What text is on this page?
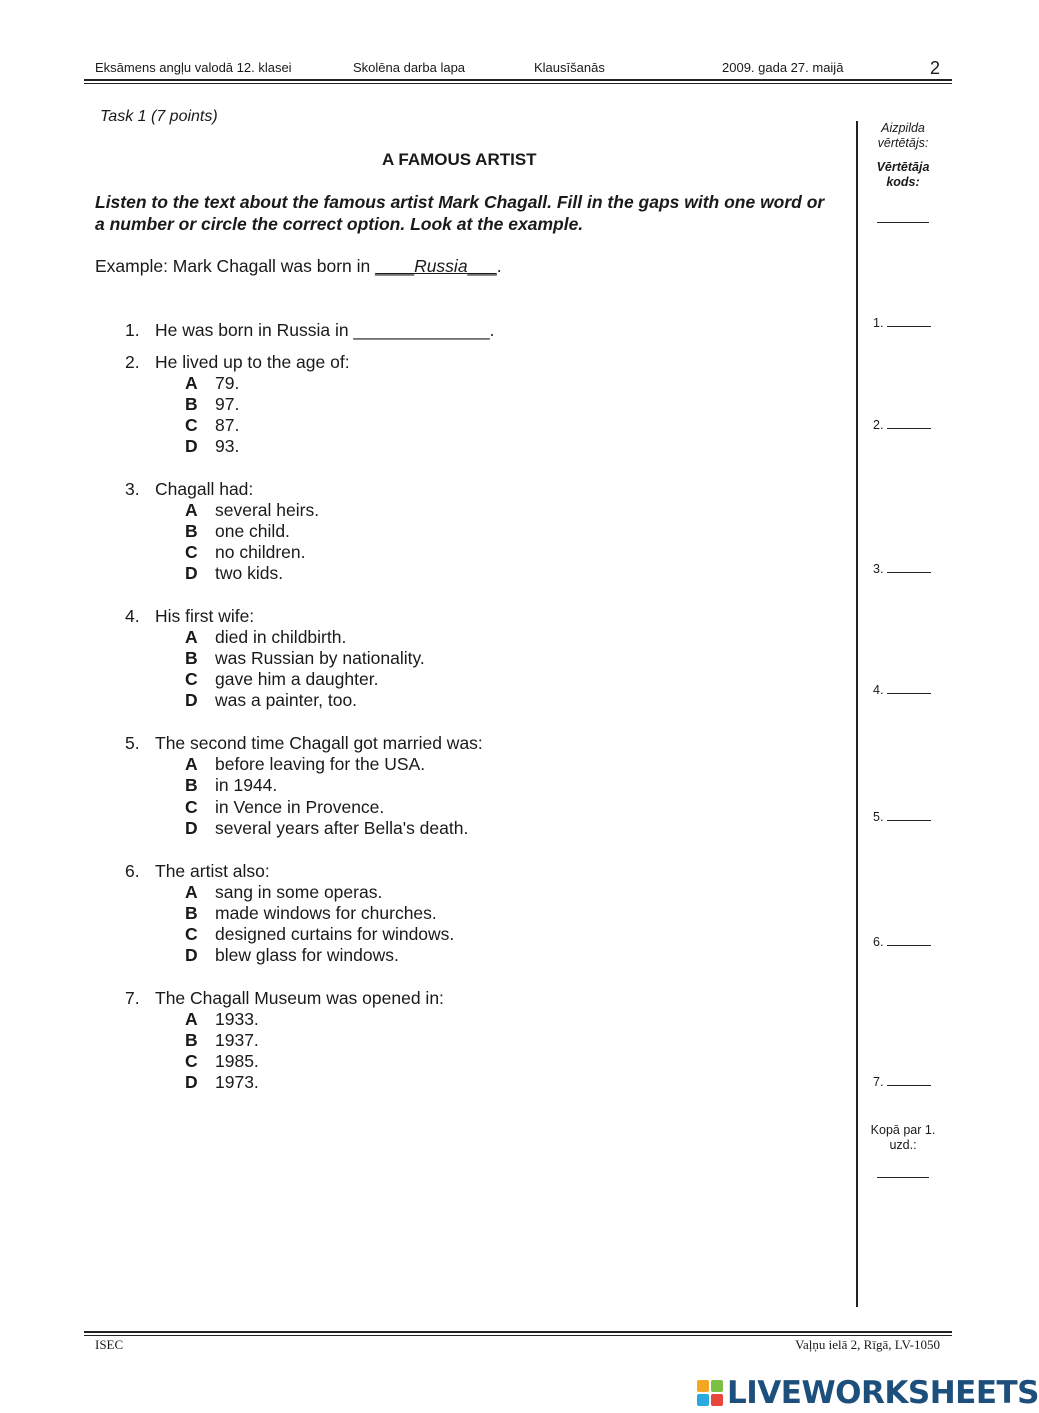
Eksāmens angļu valodā 12. klasei	Skolēna darba lapa	Klausīšanās	2009. gada 27. maijā	2
Task 1 (7 points)
A FAMOUS ARTIST
Listen to the text about the famous artist Mark Chagall. Fill in the gaps with one word or a number or circle the correct option. Look at the example.
Example: Mark Chagall was born in ____Russia___.
1. He was born in Russia in ______________.
2. He lived up to the age of:
A 79.
B 97.
C 87.
D 93.
3. Chagall had:
A several heirs.
B one child.
C no children.
D two kids.
4. His first wife:
A died in childbirth.
B was Russian by nationality.
C gave him a daughter.
D was a painter, too.
5. The second time Chagall got married was:
A before leaving for the USA.
B in 1944.
C in Vence in Provence.
D several years after Bella's death.
6. The artist also:
A sang in some operas.
B made windows for churches.
C designed curtains for windows.
D blew glass for windows.
7. The Chagall Museum was opened in:
A 1933.
B 1937.
C 1985.
D 1973.
Aizpilda vērtētājs:
Vērtētāja kods:
1.
2.
3.
4.
5.
6.
7.
Kopā par 1. uzd.:
ISEC	Vaļņu ielā 2, Rīgā, LV-1050
LIVEWORKSHEETS
